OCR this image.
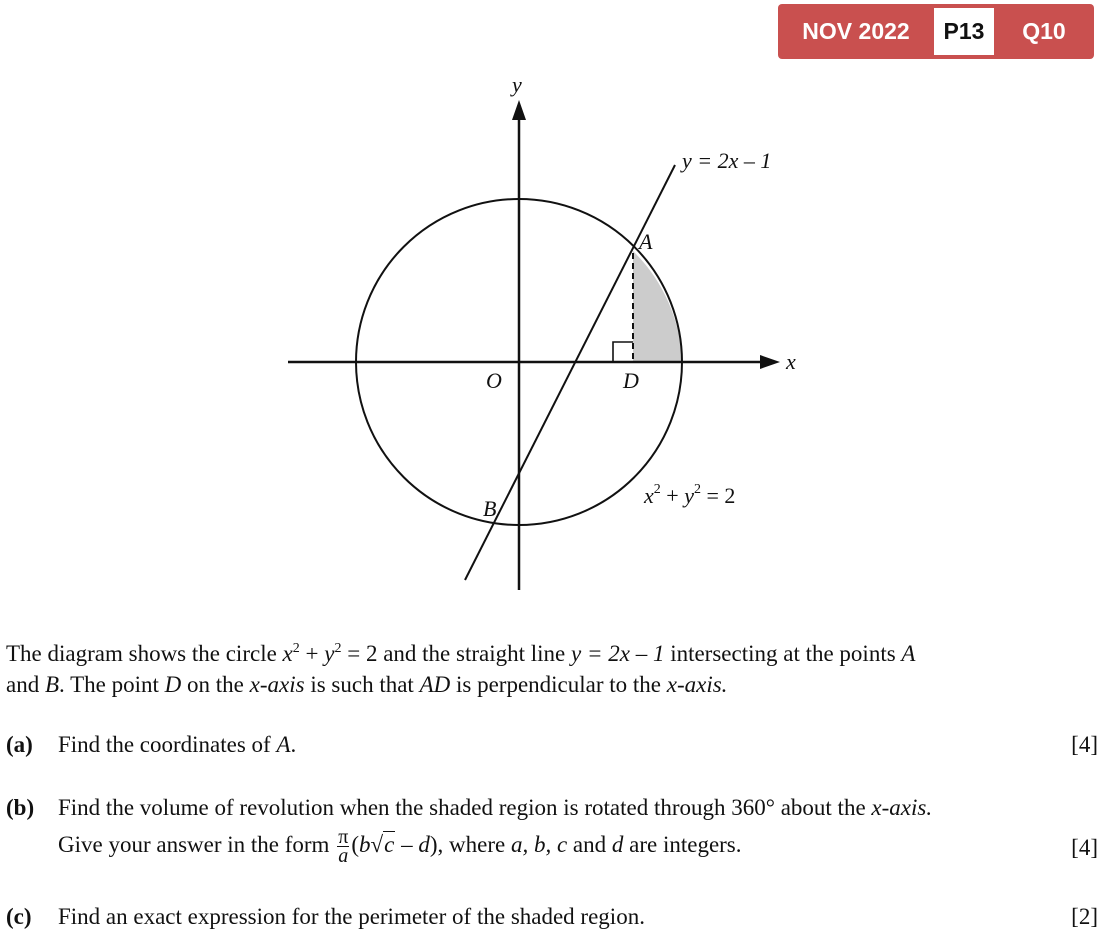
NOV 2022	P13	Q10
y
x
O
A
D
B
y = 2x – 1
$x^2 + y^2 = 2$
The diagram shows the circle $x^2 + y^2 = 2$ and the straight line y = 2x – 1 intersecting at the points A
and B. The point D on the x-axis is such that AD is perpendicular to the x-axis.
(a) Find the coordinates of A.	[4]
(b) Find the volume of revolution when the shaded region is rotated through 360° about the x-axis.
Give your answer in the form $\frac{\pi}{a} (b√c - d)$, where a, b, c and d are integers.	[4]
(c) Find an exact expression for the perimeter of the shaded region.	[2]
